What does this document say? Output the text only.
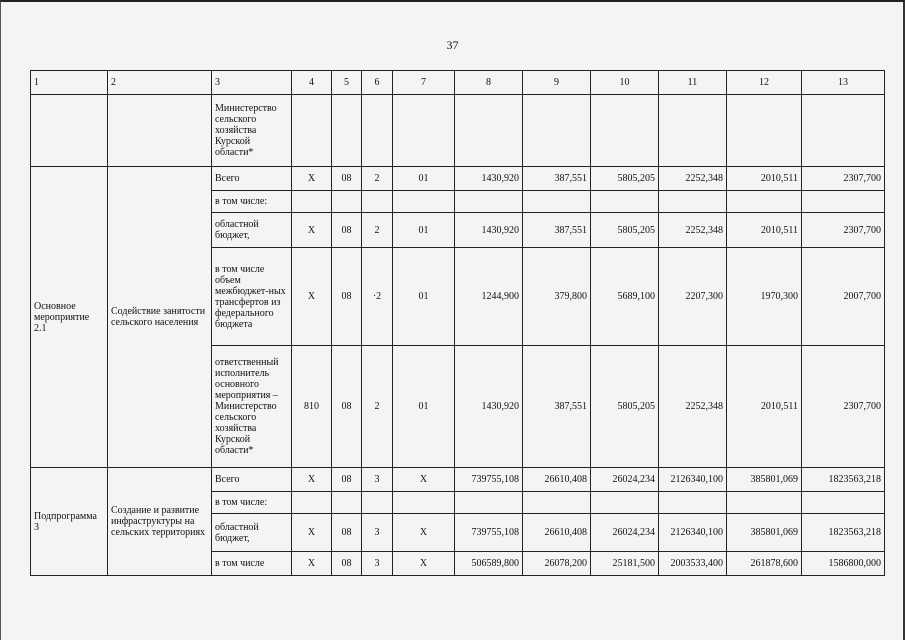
37
1	2	3	4	5	6	7	8	9	10	11	12	13
		Министерство сельского хозяйства Курской области*										
Основное мероприятие 2.1	Содействие занятости сельского населения	Всего	Х	08	2	01	1430,920	387,551	5805,205	2252,348	2010,511	2307,700
		в том числе:										
		областной бюджет,	Х	08	2	01	1430,920	387,551	5805,205	2252,348	2010,511	2307,700
		в том числе объем межбюджет-ных трансфертов из федерального бюджета	Х	08	·2	01	1244,900	379,800	5689,100	2207,300	1970,300	2007,700
		ответственный исполнитель основного мероприятия – Министерство сельского хозяйства Курской области*	810	08	2	01	1430,920	387,551	5805,205	2252,348	2010,511	2307,700
Подпрограмма 3	Создание и развитие инфраструктуры на сельских территориях	Всего	Х	08	3	Х	739755,108	26610,408	26024,234	2126340,100	385801,069	1823563,218
		в том числе:										
		областной бюджет,	Х	08	3	Х	739755,108	26610,408	26024,234	2126340,100	385801,069	1823563,218
		в том числе	Х	08	3	Х	506589,800	26078,200	25181,500	2003533,400	261878,600	1586800,000
